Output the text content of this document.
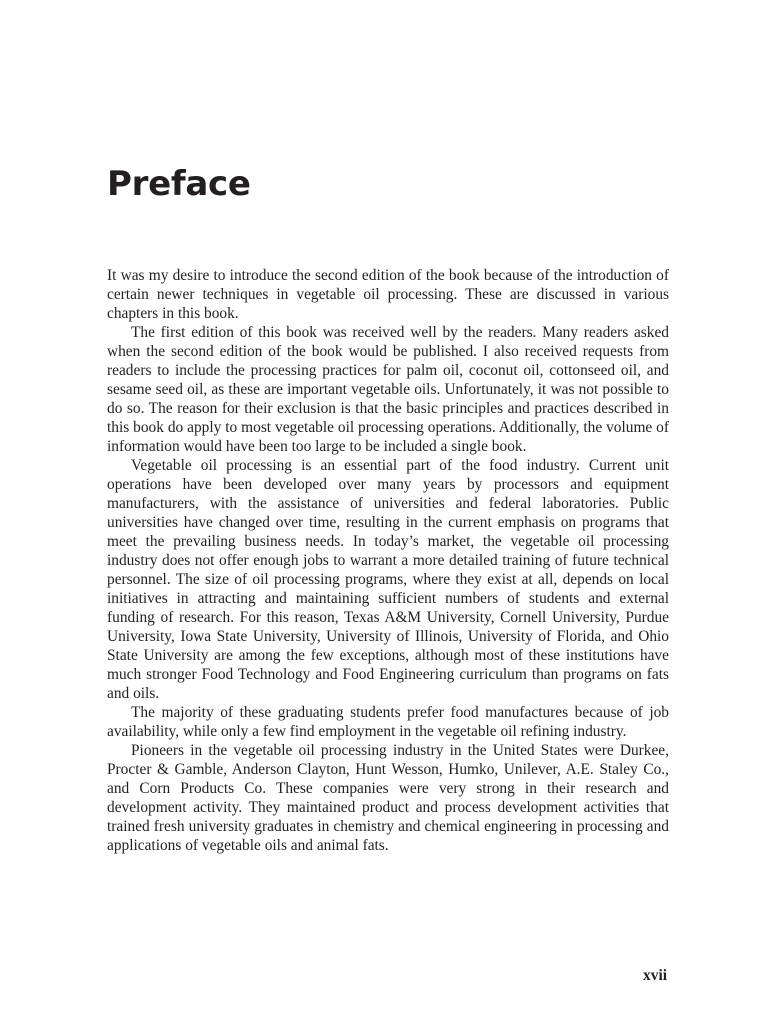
Preface

It was my desire to introduce the second edition of the book because of the introduction of certain newer techniques in vegetable oil processing. These are discussed in various chapters in this book.

The first edition of this book was received well by the readers. Many readers asked when the second edition of the book would be published. I also received requests from readers to include the processing practices for palm oil, coconut oil, cottonseed oil, and sesame seed oil, as these are important vegetable oils. Unfortunately, it was not possible to do so. The reason for their exclusion is that the basic principles and practices described in this book do apply to most vegetable oil processing operations. Additionally, the volume of information would have been too large to be included a single book.

Vegetable oil processing is an essential part of the food industry. Current unit operations have been developed over many years by processors and equipment manufacturers, with the assistance of universities and federal laboratories. Public universities have changed over time, resulting in the current emphasis on programs that meet the prevailing business needs. In today’s market, the vegetable oil processing industry does not offer enough jobs to warrant a more detailed training of future technical personnel. The size of oil processing programs, where they exist at all, depends on local initiatives in attracting and maintaining sufficient numbers of students and external funding of research. For this reason, Texas A&M University, Cornell University, Purdue University, Iowa State University, University of Illinois, University of Florida, and Ohio State University are among the few exceptions, although most of these institutions have much stronger Food Technology and Food Engineering curriculum than programs on fats and oils.

The majority of these graduating students prefer food manufactures because of job availability, while only a few find employment in the vegetable oil refining industry.

Pioneers in the vegetable oil processing industry in the United States were Durkee, Procter & Gamble, Anderson Clayton, Hunt Wesson, Humko, Unilever, A.E. Staley Co., and Corn Products Co. These companies were very strong in their research and development activity. They maintained product and process development activities that trained fresh university graduates in chemistry and chemical engineering in processing and applications of vegetable oils and animal fats.

xvii
